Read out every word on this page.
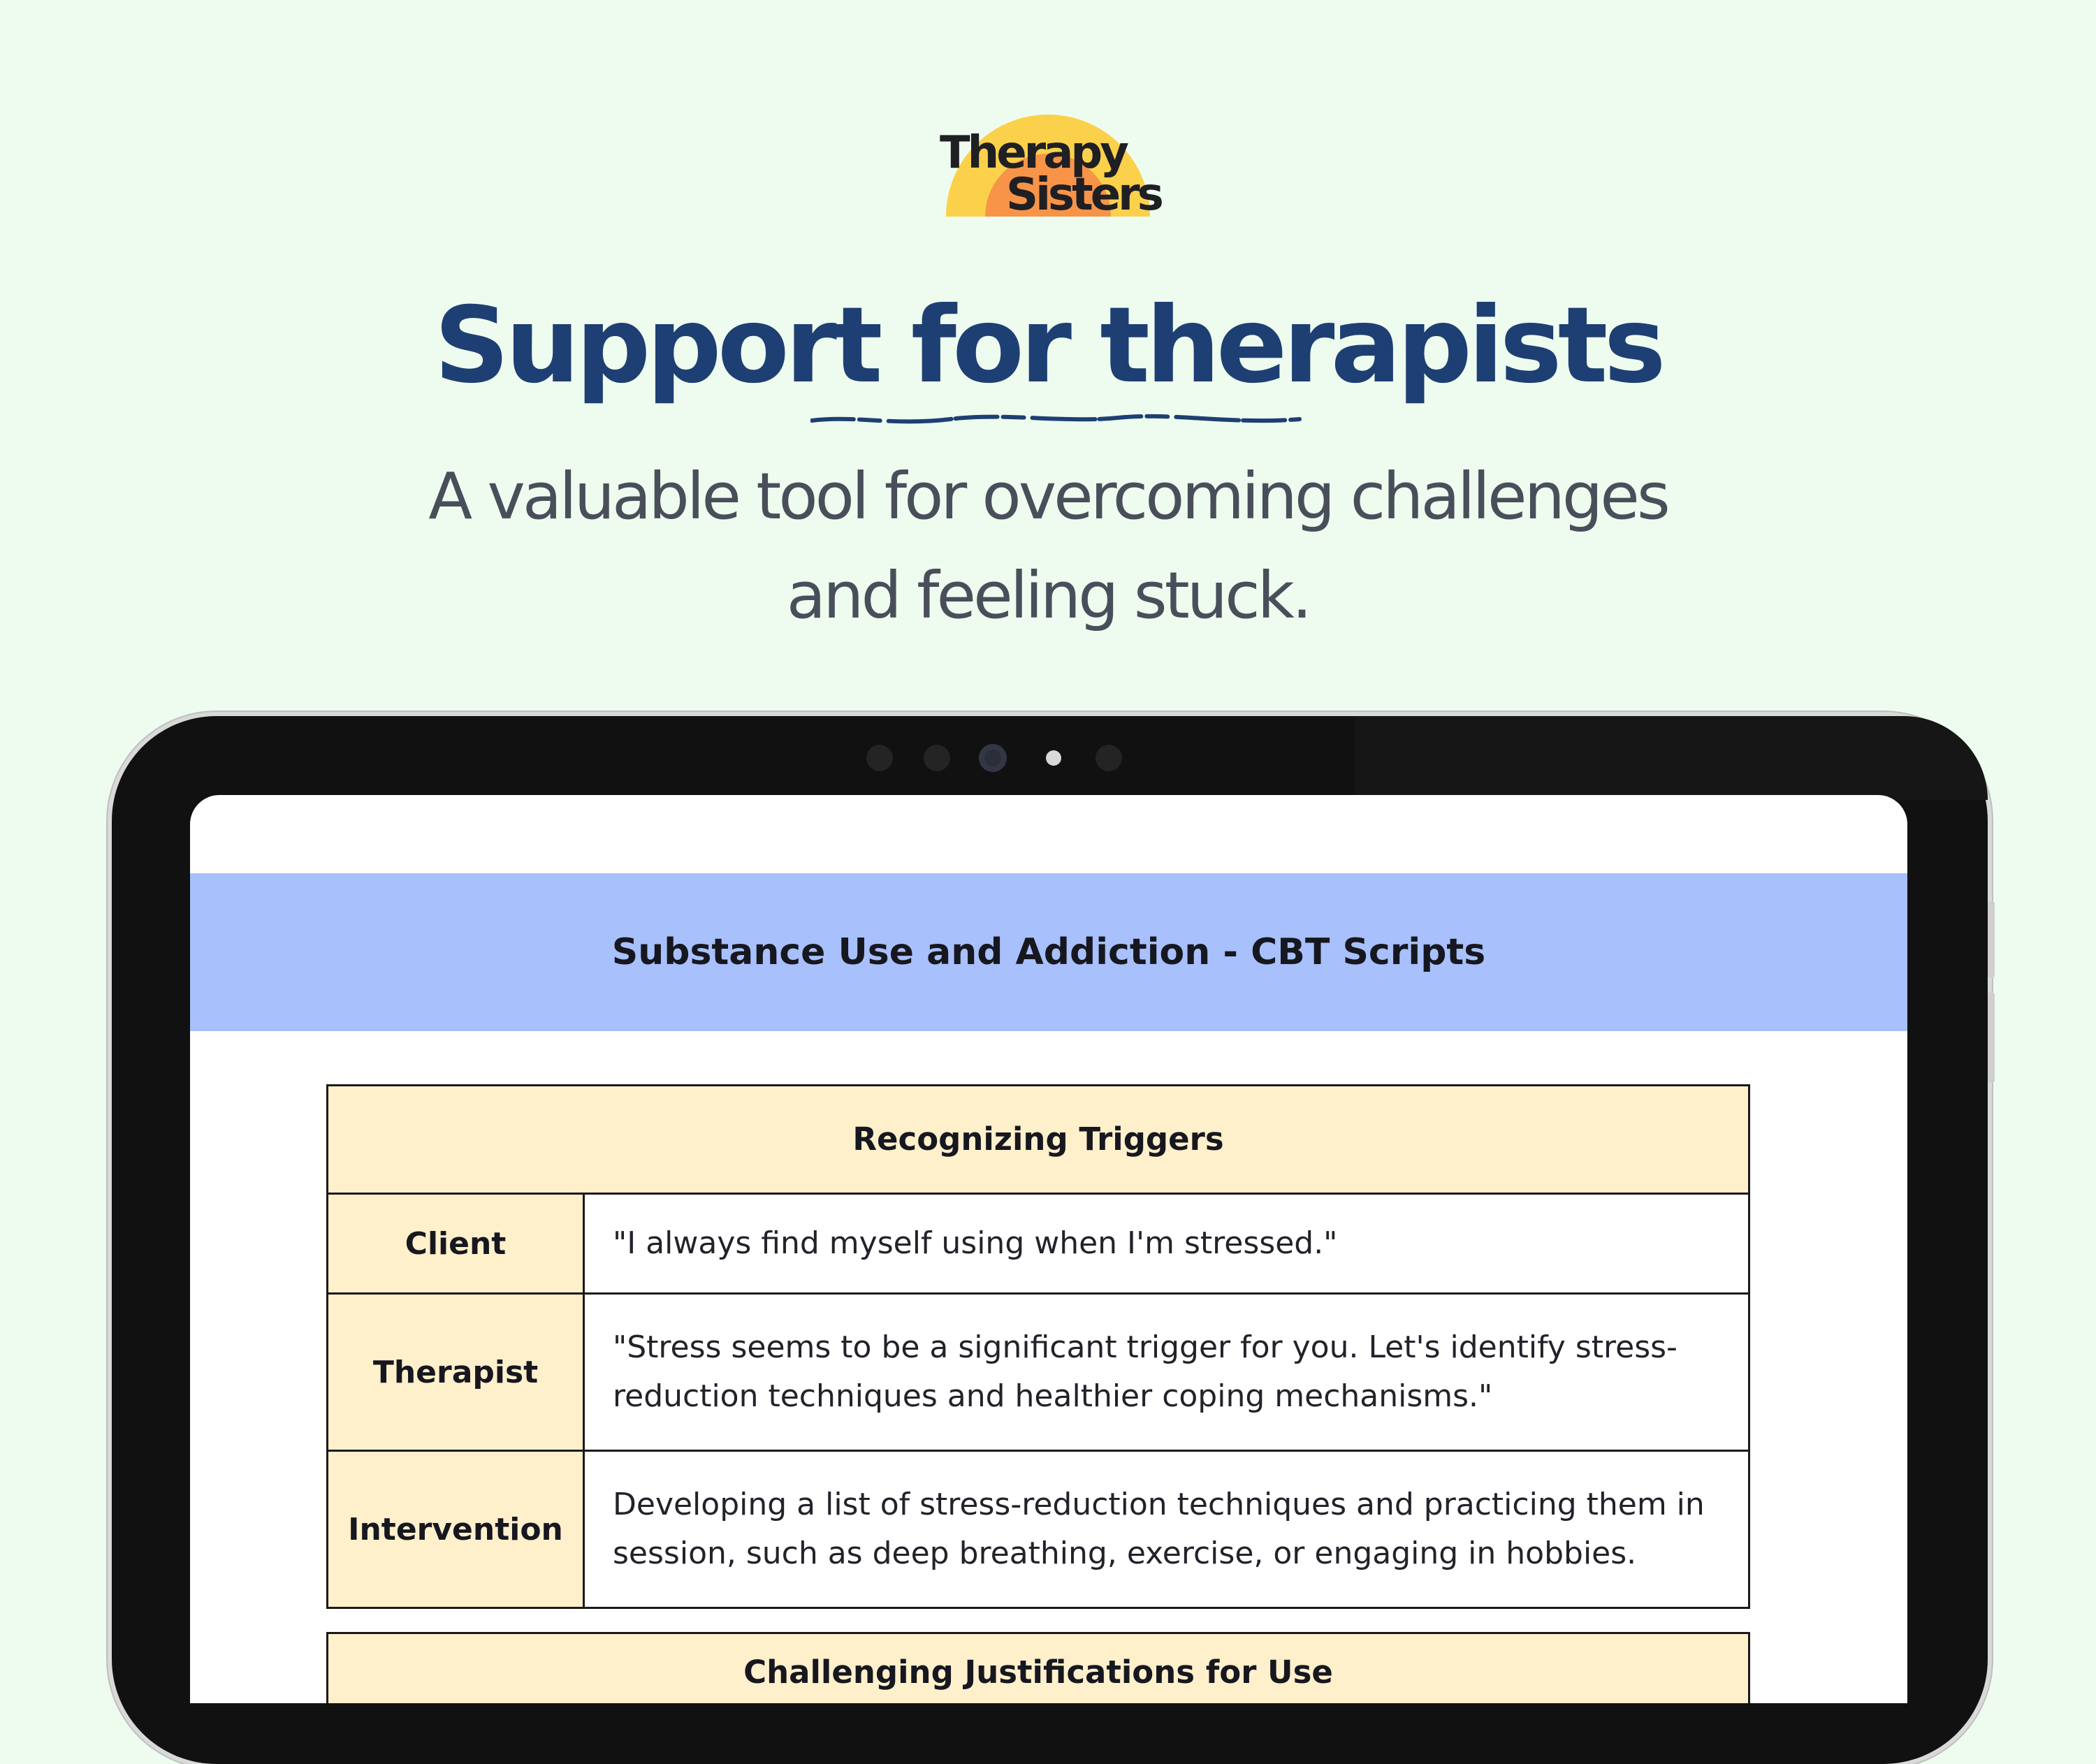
Therapy
Sisters
Support for therapists
A valuable tool for overcoming challenges
and feeling stuck.
Substance Use and Addiction - CBT Scripts
Recognizing Triggers
Client	"I always find myself using when I'm stressed."
Therapist
"Stress seems to be a significant trigger for you. Let's identify stress-reduction techniques and healthier coping mechanisms."
Intervention
Developing a list of stress-reduction techniques and practicing them in session, such as deep breathing, exercise, or engaging in hobbies.
Challenging Justifications for Use
